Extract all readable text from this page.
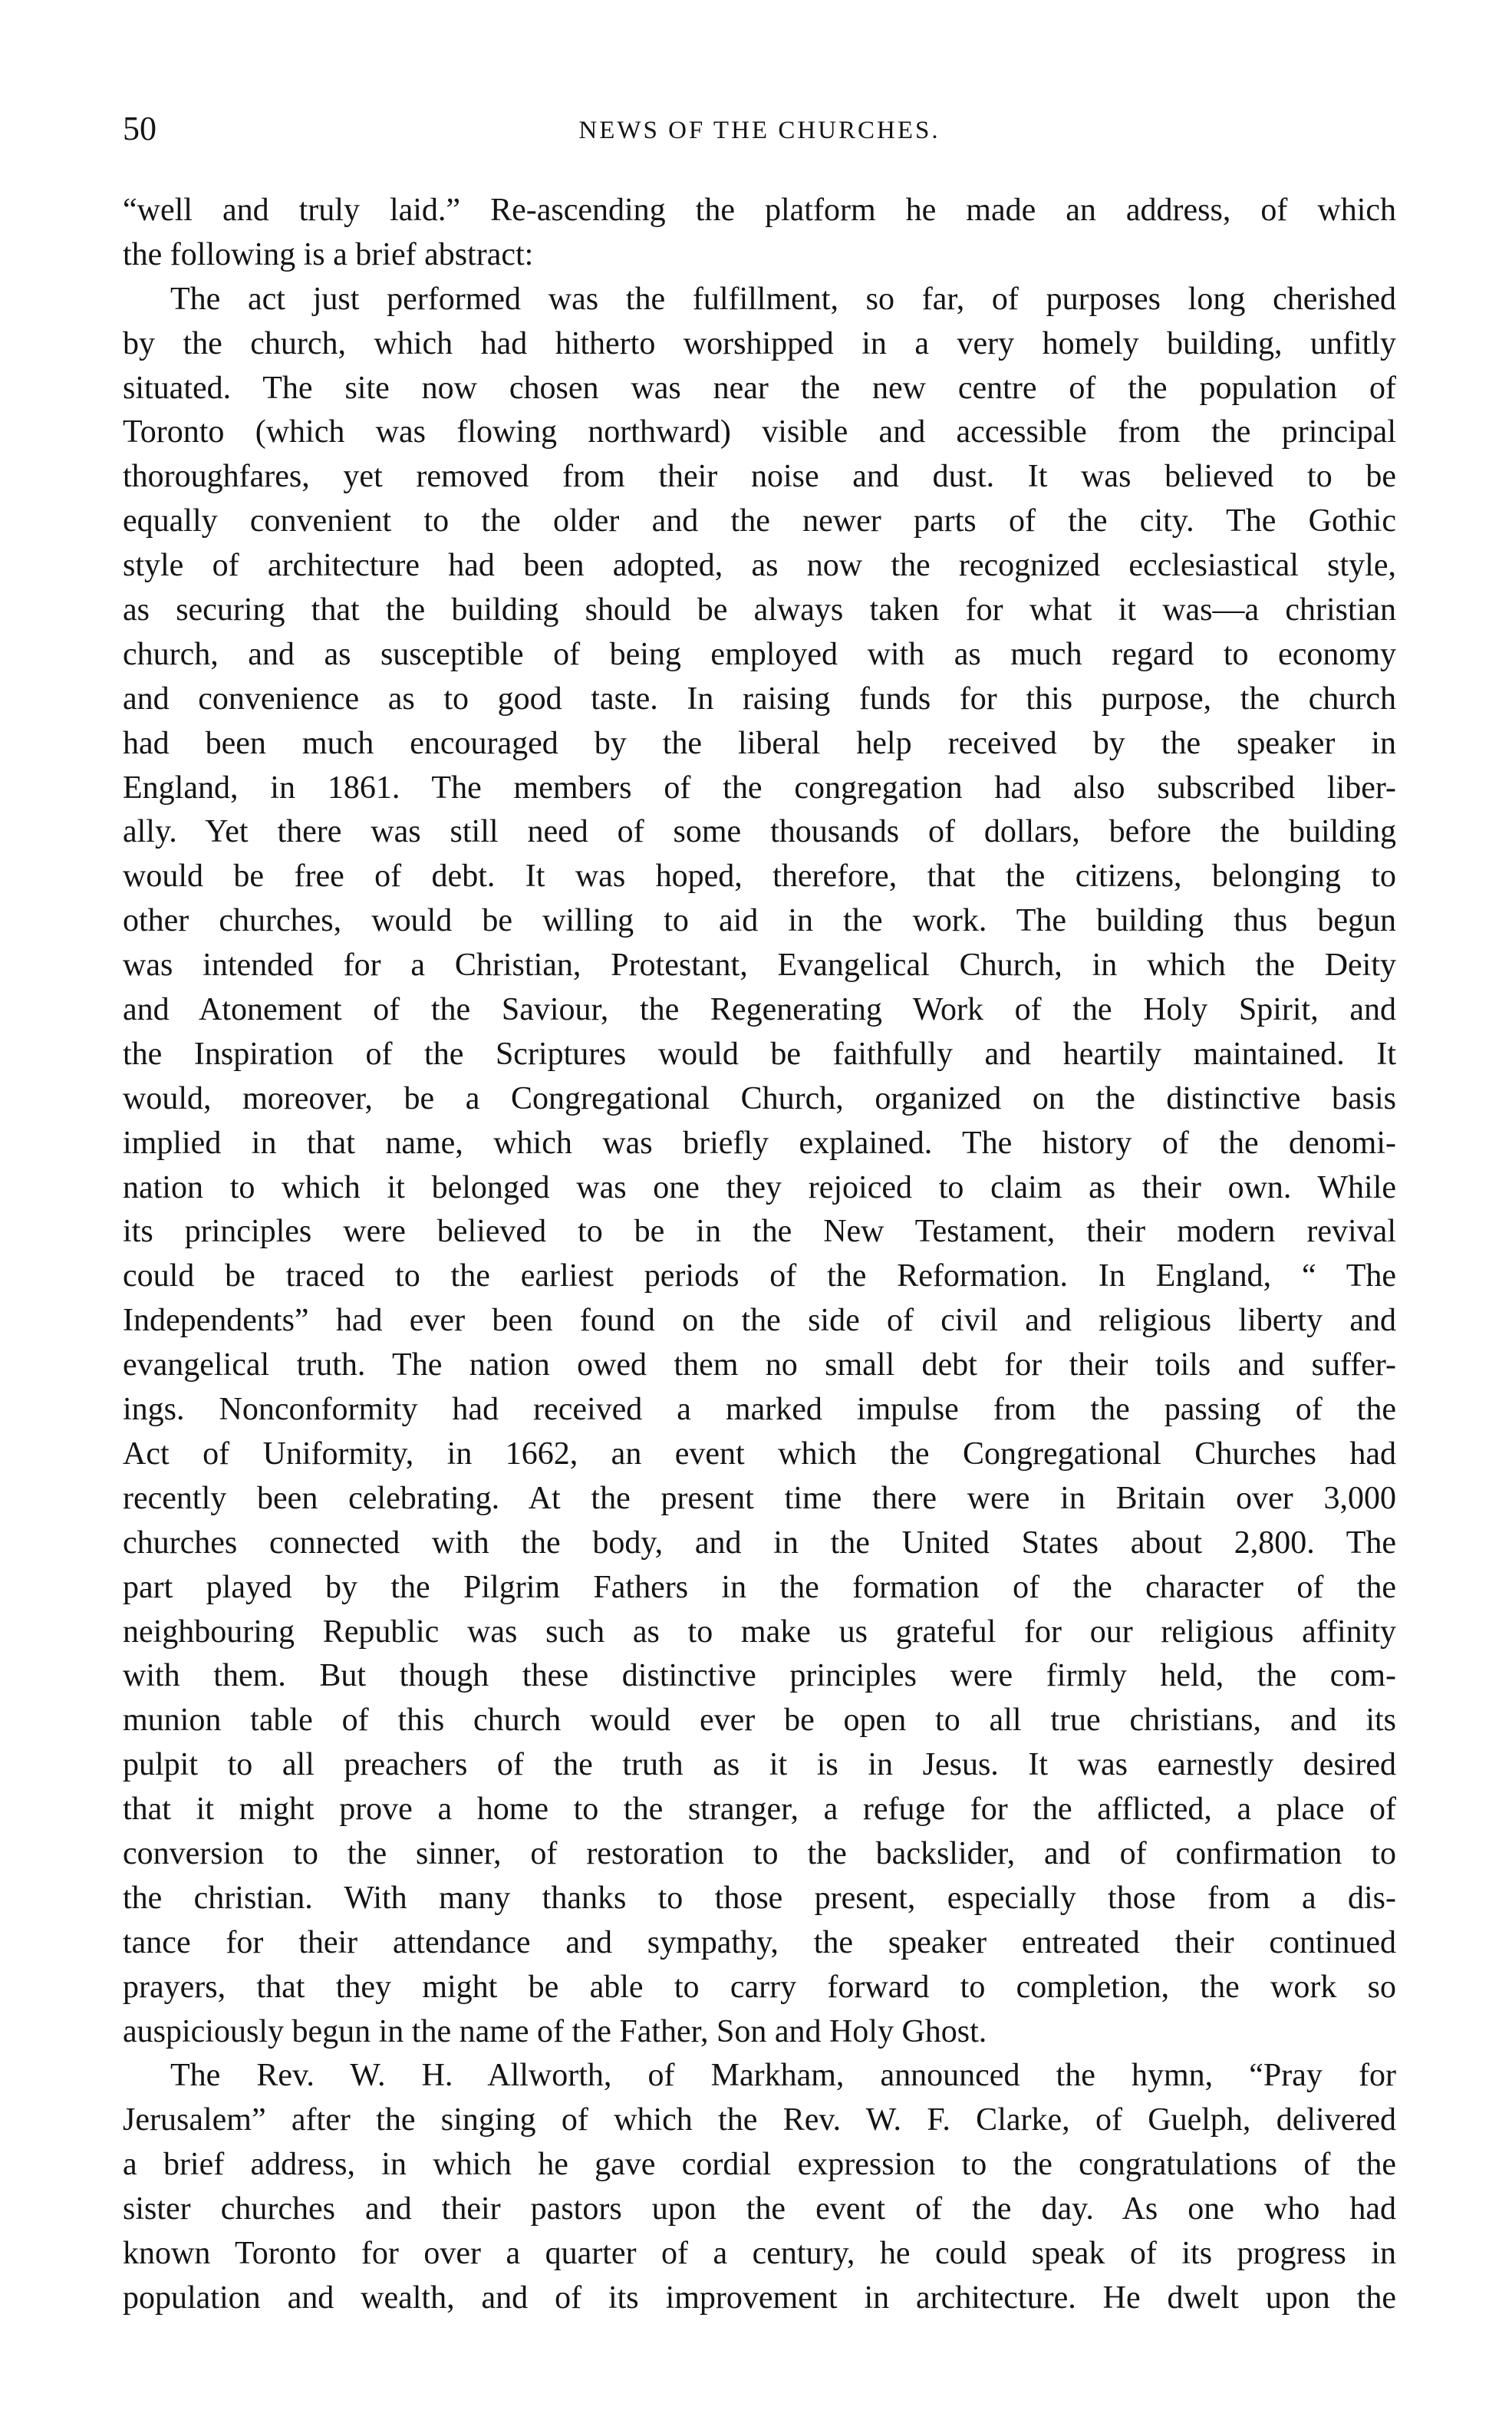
50	NEWS OF THE CHURCHES.
“well and truly laid.” Re-ascending the platform he made an address, of which
the following is a brief abstract:
The act just performed was the fulfillment, so far, of purposes long cherished
by the church, which had hitherto worshipped in a very homely building, unfitly
situated. The site now chosen was near the new centre of the population of
Toronto (which was flowing northward) visible and accessible from the principal
thoroughfares, yet removed from their noise and dust. It was believed to be
equally convenient to the older and the newer parts of the city. The Gothic
style of architecture had been adopted, as now the recognized ecclesiastical style,
as securing that the building should be always taken for what it was—a christian
church, and as susceptible of being employed with as much regard to economy
and convenience as to good taste. In raising funds for this purpose, the church
had been much encouraged by the liberal help received by the speaker in
England, in 1861. The members of the congregation had also subscribed liber-
ally. Yet there was still need of some thousands of dollars, before the building
would be free of debt. It was hoped, therefore, that the citizens, belonging to
other churches, would be willing to aid in the work. The building thus begun
was intended for a Christian, Protestant, Evangelical Church, in which the Deity
and Atonement of the Saviour, the Regenerating Work of the Holy Spirit, and
the Inspiration of the Scriptures would be faithfully and heartily maintained. It
would, moreover, be a Congregational Church, organized on the distinctive basis
implied in that name, which was briefly explained. The history of the denomi-
nation to which it belonged was one they rejoiced to claim as their own. While
its principles were believed to be in the New Testament, their modern revival
could be traced to the earliest periods of the Reformation. In England, “ The
Independents” had ever been found on the side of civil and religious liberty and
evangelical truth. The nation owed them no small debt for their toils and suffer-
ings. Nonconformity had received a marked impulse from the passing of the
Act of Uniformity, in 1662, an event which the Congregational Churches had
recently been celebrating. At the present time there were in Britain over 3,000
churches connected with the body, and in the United States about 2,800. The
part played by the Pilgrim Fathers in the formation of the character of the
neighbouring Republic was such as to make us grateful for our religious affinity
with them. But though these distinctive principles were firmly held, the com-
munion table of this church would ever be open to all true christians, and its
pulpit to all preachers of the truth as it is in Jesus. It was earnestly desired
that it might prove a home to the stranger, a refuge for the afflicted, a place of
conversion to the sinner, of restoration to the backslider, and of confirmation to
the christian. With many thanks to those present, especially those from a dis-
tance for their attendance and sympathy, the speaker entreated their continued
prayers, that they might be able to carry forward to completion, the work so
auspiciously begun in the name of the Father, Son and Holy Ghost.
The Rev. W. H. Allworth, of Markham, announced the hymn, “Pray for
Jerusalem” after the singing of which the Rev. W. F. Clarke, of Guelph, delivered
a brief address, in which he gave cordial expression to the congratulations of the
sister churches and their pastors upon the event of the day. As one who had
known Toronto for over a quarter of a century, he could speak of its progress in
population and wealth, and of its improvement in architecture. He dwelt upon the
